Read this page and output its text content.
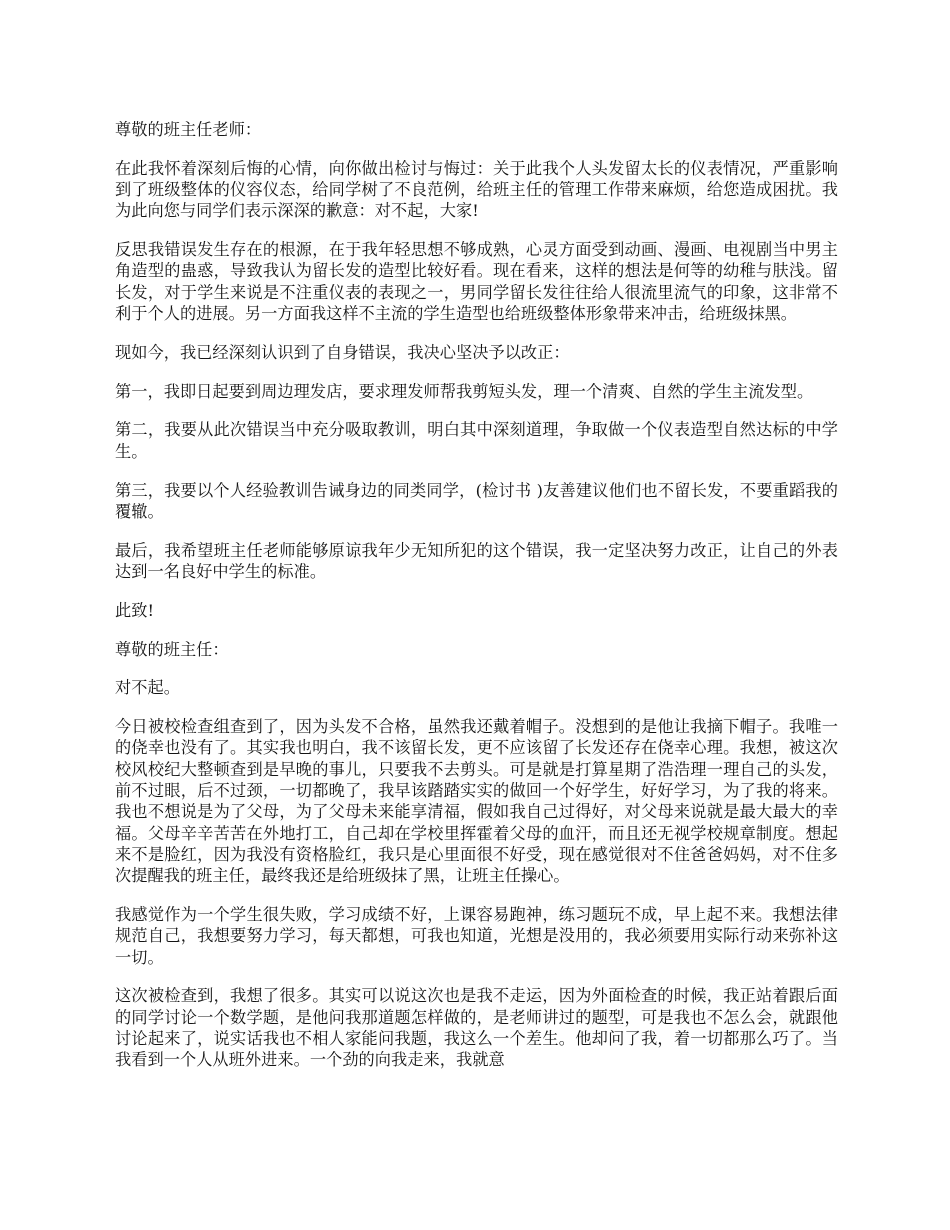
尊敬的班主任老师：

在此我怀着深刻后悔的心情，向你做出检讨与悔过：关于此我个人头发留太长的仪表情况，严重影响到了班级整体的仪容仪态，给同学树了不良范例，给班主任的管理工作带来麻烦，给您造成困扰。我为此向您与同学们表示深深的歉意：对不起，大家!

反思我错误发生存在的根源，在于我年轻思想不够成熟，心灵方面受到动画、漫画、电视剧当中男主角造型的蛊惑，导致我认为留长发的造型比较好看。现在看来，这样的想法是何等的幼稚与肤浅。留长发，对于学生来说是不注重仪表的表现之一，男同学留长发往往给人很流里流气的印象，这非常不利于个人的进展。另一方面我这样不主流的学生造型也给班级整体形象带来冲击，给班级抹黑。

现如今，我已经深刻认识到了自身错误，我决心坚决予以改正：

第一，我即日起要到周边理发店，要求理发师帮我剪短头发，理一个清爽、自然的学生主流发型。

第二，我要从此次错误当中充分吸取教训，明白其中深刻道理，争取做一个仪表造型自然达标的中学生。

第三，我要以个人经验教训告诫身边的同类同学，(检讨书 )友善建议他们也不留长发，不要重蹈我的覆辙。

最后，我希望班主任老师能够原谅我年少无知所犯的这个错误，我一定坚决努力改正，让自己的外表达到一名良好中学生的标准。

此致!

尊敬的班主任：

对不起。

今日被校检查组查到了，因为头发不合格，虽然我还戴着帽子。没想到的是他让我摘下帽子。我唯一的侥幸也没有了。其实我也明白，我不该留长发，更不应该留了长发还存在侥幸心理。我想，被这次校风校纪大整顿查到是早晚的事儿，只要我不去剪头。可是就是打算星期了浩浩理一理自己的头发，前不过眼，后不过颈，一切都晚了，我早该踏踏实实的做回一个好学生，好好学习，为了我的将来。我也不想说是为了父母，为了父母未来能享清福，假如我自己过得好，对父母来说就是最大最大的幸福。父母辛辛苦苦在外地打工，自己却在学校里挥霍着父母的血汗，而且还无视学校规章制度。想起来不是脸红，因为我没有资格脸红，我只是心里面很不好受，现在感觉很对不住爸爸妈妈，对不住多次提醒我的班主任，最终我还是给班级抹了黑，让班主任操心。

我感觉作为一个学生很失败，学习成绩不好，上课容易跑神，练习题玩不成，早上起不来。我想法律规范自己，我想要努力学习，每天都想，可我也知道，光想是没用的，我必须要用实际行动来弥补这一切。

这次被检查到，我想了很多。其实可以说这次也是我不走运，因为外面检查的时候，我正站着跟后面的同学讨论一个数学题，是他问我那道题怎样做的，是老师讲过的题型，可是我也不怎么会，就跟他讨论起来了，说实话我也不相人家能问我题，我这么一个差生。他却问了我，着一切都那么巧了。当我看到一个人从班外进来。一个劲的向我走来，我就意
